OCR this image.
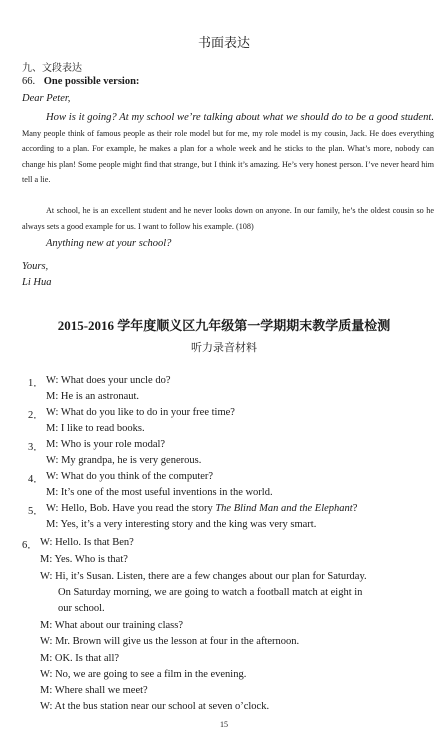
书面表达
九、文段表达
66. One possible version:
Dear Peter,
How is it going? At my school we’re talking about what we should do to be a good student. Many people think of famous people as their role model but for me, my role model is my cousin, Jack. He does everything according to a plan. For example, he makes a plan for a whole week and he sticks to the plan. What’s more, nobody can change his plan! Some people might find that strange, but I think it’s amazing. He’s very honest person. I’ve never heard him tell a lie.
At school, he is an excellent student and he never looks down on anyone. In our family, he’s the oldest cousin so he always sets a good example for us. I want to follow his example. (108)
Anything new at your school?
Yours,
Li Hua
2015-2016 学年度顺义区九年级第一学期期末教学质量检测
听力录音材料
1． W: What does your uncle do?
M: He is an astronaut.
2． W: What do you like to do in your free time?
M: I like to read books.
3． M: Who is your role modal?
W: My grandpa, he is very generous.
4． W: What do you think of the computer?
M: It’s one of the most useful inventions in the world.
5． W: Hello, Bob. Have you read the story The Blind Man and the Elephant?
M: Yes, it’s a very interesting story and the king was very smart.
6． W: Hello. Is that Ben?
M: Yes. Who is that?
W: Hi, it’s Susan. Listen, there are a few changes about our plan for Saturday.
On Saturday morning, we are going to watch a football match at eight in
our school.
M: What about our training class?
W: Mr. Brown will give us the lesson at four in the afternoon.
M: OK. Is that all?
W: No, we are going to see a film in the evening.
M: Where shall we meet?
W: At the bus station near our school at seven o’clock.
15
